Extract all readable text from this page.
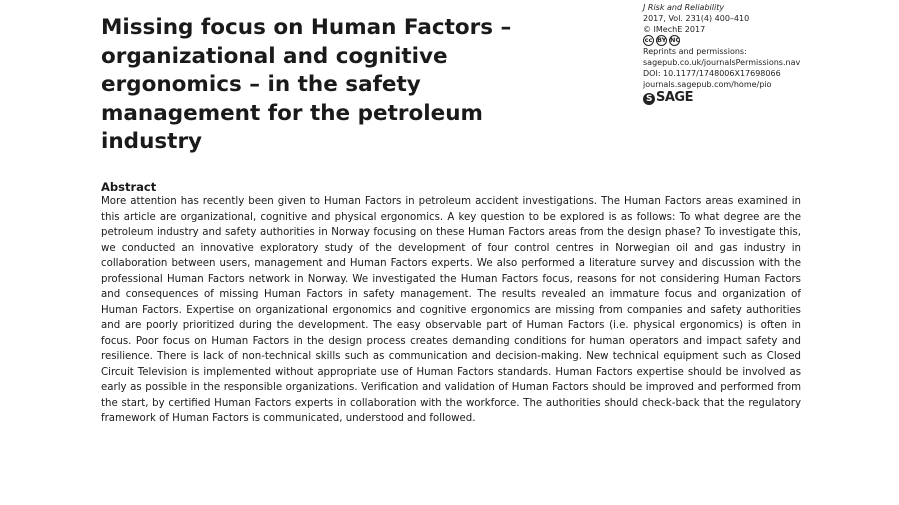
Missing focus on Human Factors – organizational and cognitive ergonomics – in the safety management for the petroleum industry
J Risk and Reliability
2017, Vol. 231(4) 400–410
© IMechE 2017
cc BY NC
Reprints and permissions:
sagepub.co.uk/journalsPermissions.nav
DOI: 10.1177/1748006X17698066
journals.sagepub.com/home/pio
S SAGE
Abstract

More attention has recently been given to Human Factors in petroleum accident investigations. The Human Factors areas examined in this article are organizational, cognitive and physical ergonomics. A key question to be explored is as follows: To what degree are the petroleum industry and safety authorities in Norway focusing on these Human Factors areas from the design phase? To investigate this, we conducted an innovative exploratory study of the development of four control centres in Norwegian oil and gas industry in collaboration between users, management and Human Factors experts. We also performed a literature survey and discussion with the professional Human Factors network in Norway. We investigated the Human Factors focus, reasons for not considering Human Factors and consequences of missing Human Factors in safety management. The results revealed an immature focus and organization of Human Factors. Expertise on organizational ergonomics and cognitive ergonomics are missing from companies and safety authorities and are poorly prioritized during the development. The easy observable part of Human Factors (i.e. physical ergonomics) is often in focus. Poor focus on Human Factors in the design process creates demanding conditions for human operators and impact safety and resilience. There is lack of non-technical skills such as communication and decision-making. New technical equipment such as Closed Circuit Television is implemented without appropriate use of Human Factors standards. Human Factors expertise should be involved as early as possible in the responsible organizations. Verification and validation of Human Factors should be improved and performed from the start, by certified Human Factors experts in collaboration with the workforce. The authorities should check-back that the regulatory framework of Human Factors is communicated, understood and followed.
